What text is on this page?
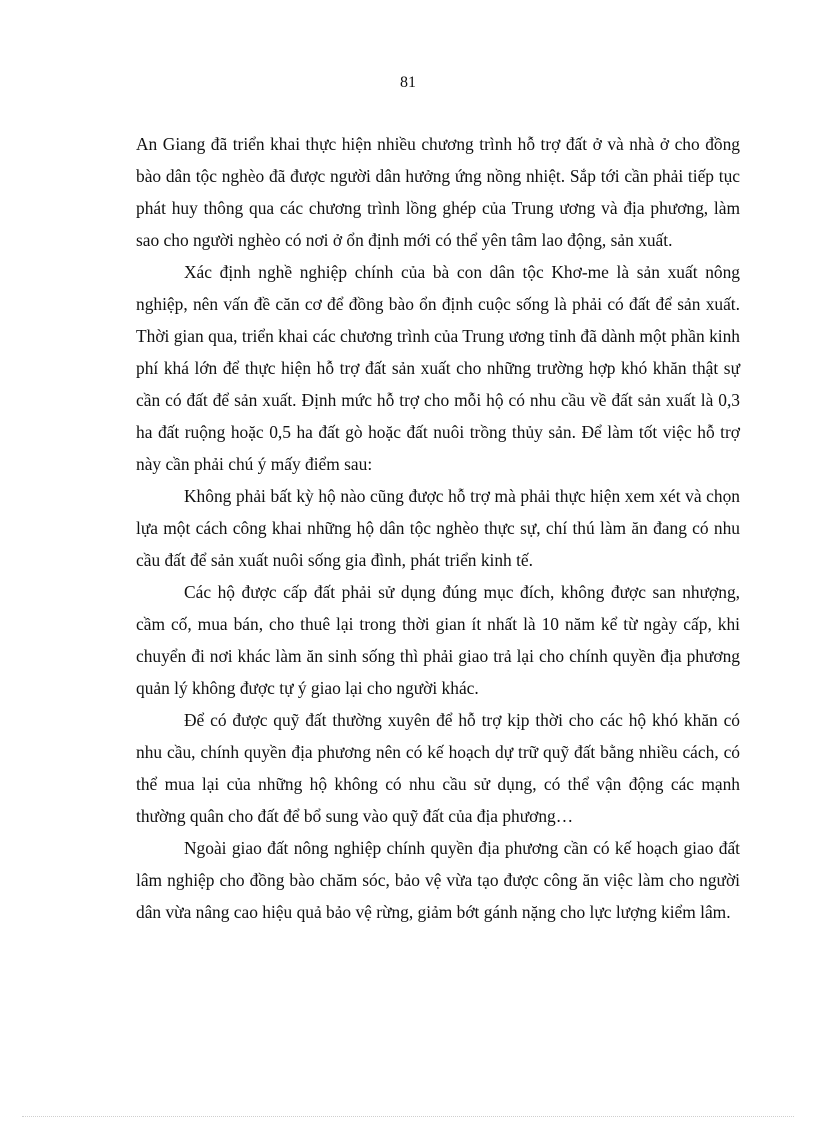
81

An Giang đã triển khai thực hiện nhiều chương trình hỗ trợ đất ở và nhà ở cho đồng bào dân tộc nghèo đã được người dân hưởng ứng nồng nhiệt. Sắp tới cần phải tiếp tục phát huy thông qua các chương trình lồng ghép của Trung ương và địa phương, làm sao cho người nghèo có nơi ở ổn định mới có thể yên tâm lao động, sản xuất.

Xác định nghề nghiệp chính của bà con dân tộc Khơ-me là sản xuất nông nghiệp, nên vấn đề căn cơ để đồng bào ổn định cuộc sống là phải có đất để sản xuất. Thời gian qua, triển khai các chương trình của Trung ương tỉnh đã dành một phần kinh phí khá lớn để thực hiện hỗ trợ đất sản xuất cho những trường hợp khó khăn thật sự cần có đất để sản xuất. Định mức hỗ trợ cho mỗi hộ có nhu cầu về đất sản xuất là 0,3 ha đất ruộng hoặc 0,5 ha đất gò hoặc đất nuôi trồng thủy sản. Để làm tốt việc hỗ trợ này cần phải chú ý mấy điểm sau:

Không phải bất kỳ hộ nào cũng được hỗ trợ mà phải thực hiện xem xét và chọn lựa một cách công khai những hộ dân tộc nghèo thực sự, chí thú làm ăn đang có nhu cầu đất để sản xuất nuôi sống gia đình, phát triển kinh tế.

Các hộ được cấp đất phải sử dụng đúng mục đích, không được san nhượng, cầm cố, mua bán, cho thuê lại trong thời gian ít nhất là 10 năm kể từ ngày cấp, khi chuyển đi nơi khác làm ăn sinh sống thì phải giao trả lại cho chính quyền địa phương quản lý không được tự ý giao lại cho người khác.

Để có được quỹ đất thường xuyên để hỗ trợ kịp thời cho các hộ khó khăn có nhu cầu, chính quyền địa phương nên có kế hoạch dự trữ quỹ đất bằng nhiều cách, có thể mua lại của những hộ không có nhu cầu sử dụng, có thể vận động các mạnh thường quân cho đất để bổ sung vào quỹ đất của địa phương…

Ngoài giao đất nông nghiệp chính quyền địa phương cần có kế hoạch giao đất lâm nghiệp cho đồng bào chăm sóc, bảo vệ vừa tạo được công ăn việc làm cho người dân vừa nâng cao hiệu quả bảo vệ rừng, giảm bớt gánh nặng cho lực lượng kiểm lâm.
